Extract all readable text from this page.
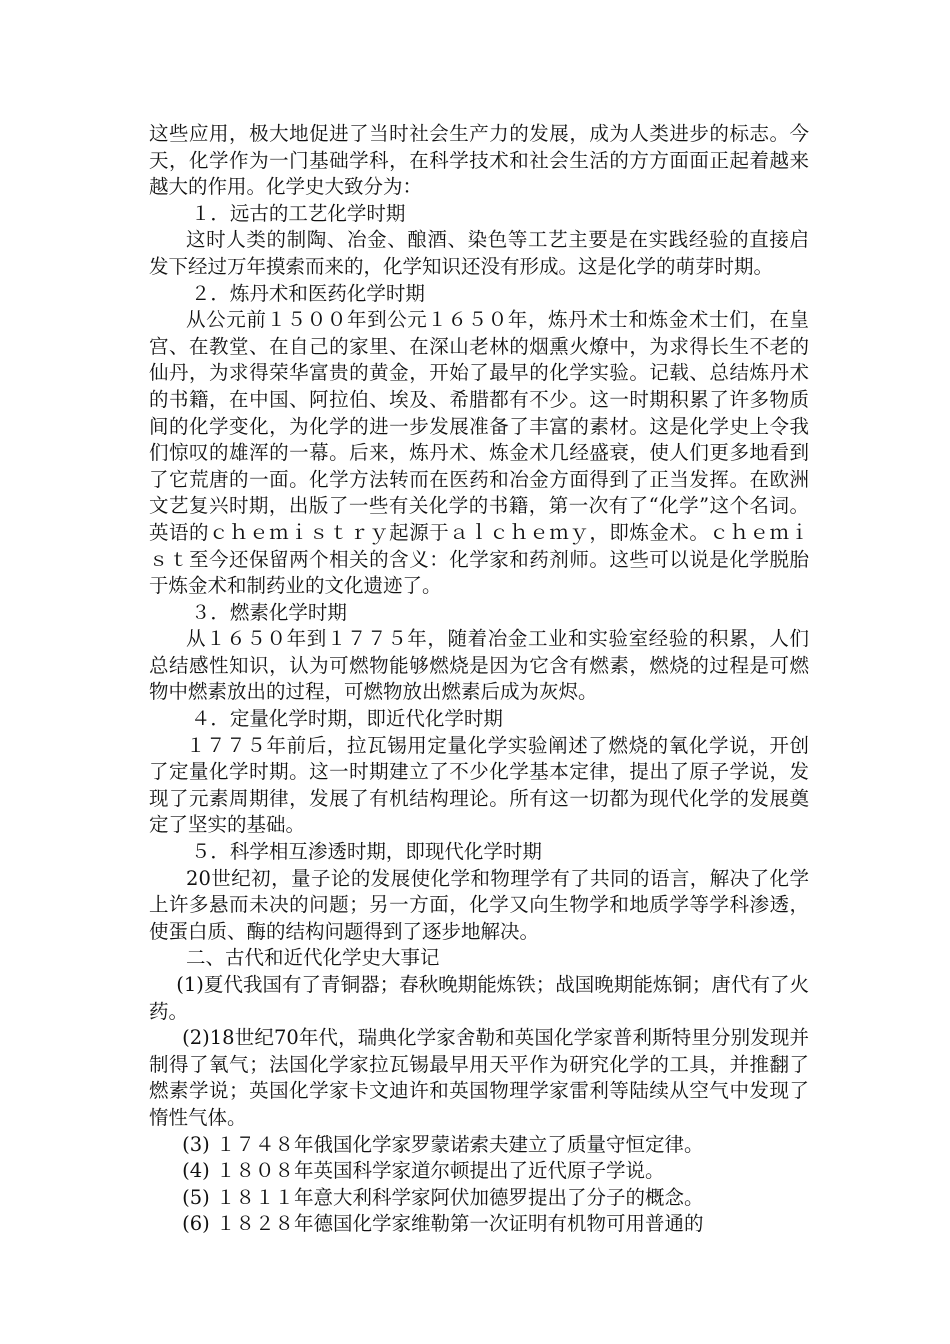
这些应用，极大地促进了当时社会生产力的发展，成为人类进步的标志。今天，化学作为一门基础学科，在科学技术和社会生活的方方面面正起着越来越大的作用。化学史大致分为：

１．远古的工艺化学时期

这时人类的制陶、冶金、酿酒、染色等工艺主要是在实践经验的直接启发下经过万年摸索而来的，化学知识还没有形成。这是化学的萌芽时期。

２．炼丹术和医药化学时期

从公元前１５００年到公元１６５０年，炼丹术士和炼金术士们，在皇宫、在教堂、在自己的家里、在深山老林的烟熏火燎中，为求得长生不老的仙丹，为求得荣华富贵的黄金，开始了最早的化学实验。记载、总结炼丹术的书籍，在中国、阿拉伯、埃及、希腊都有不少。这一时期积累了许多物质间的化学变化，为化学的进一步发展准备了丰富的素材。这是化学史上令我们惊叹的雄浑的一幕。后来，炼丹术、炼金术几经盛衰，使人们更多地看到了它荒唐的一面。化学方法转而在医药和冶金方面得到了正当发挥。在欧洲文艺复兴时期，出版了一些有关化学的书籍，第一次有了“化学”这个名词。英语的ｃｈｅｍｉｓｔｒｙ起源于ａｌｃｈｅｍｙ，即炼金术。ｃｈｅｍｉｓｔ至今还保留两个相关的含义：化学家和药剂师。这些可以说是化学脱胎于炼金术和制药业的文化遗迹了。

３．燃素化学时期

从１６５０年到１７７５年，随着冶金工业和实验室经验的积累，人们总结感性知识，认为可燃物能够燃烧是因为它含有燃素，燃烧的过程是可燃物中燃素放出的过程，可燃物放出燃素后成为灰烬。

４．定量化学时期，即近代化学时期

１７７５年前后，拉瓦锡用定量化学实验阐述了燃烧的氧化学说，开创了定量化学时期。这一时期建立了不少化学基本定律，提出了原子学说，发现了元素周期律，发展了有机结构理论。所有这一切都为现代化学的发展奠定了坚实的基础。

５．科学相互渗透时期，即现代化学时期

20世纪初，量子论的发展使化学和物理学有了共同的语言，解决了化学上许多悬而未决的问题；另一方面，化学又向生物学和地质学等学科渗透，使蛋白质、酶的结构问题得到了逐步地解决。

二、古代和近代化学史大事记

(1)夏代我国有了青铜器；春秋晚期能炼铁；战国晚期能炼铜；唐代有了火药。

(2)18世纪70年代，瑞典化学家舍勒和英国化学家普利斯特里分别发现并制得了氧气；法国化学家拉瓦锡最早用天平作为研究化学的工具，并推翻了燃素学说；英国化学家卡文迪许和英国物理学家雷利等陆续从空气中发现了惰性气体。

(3) １７４８年俄国化学家罗蒙诺索夫建立了质量守恒定律。

(4) １８０８年英国科学家道尔顿提出了近代原子学说。

(5) １８１１年意大利科学家阿伏加德罗提出了分子的概念。

(6) １８２８年德国化学家维勒第一次证明有机物可用普通的
